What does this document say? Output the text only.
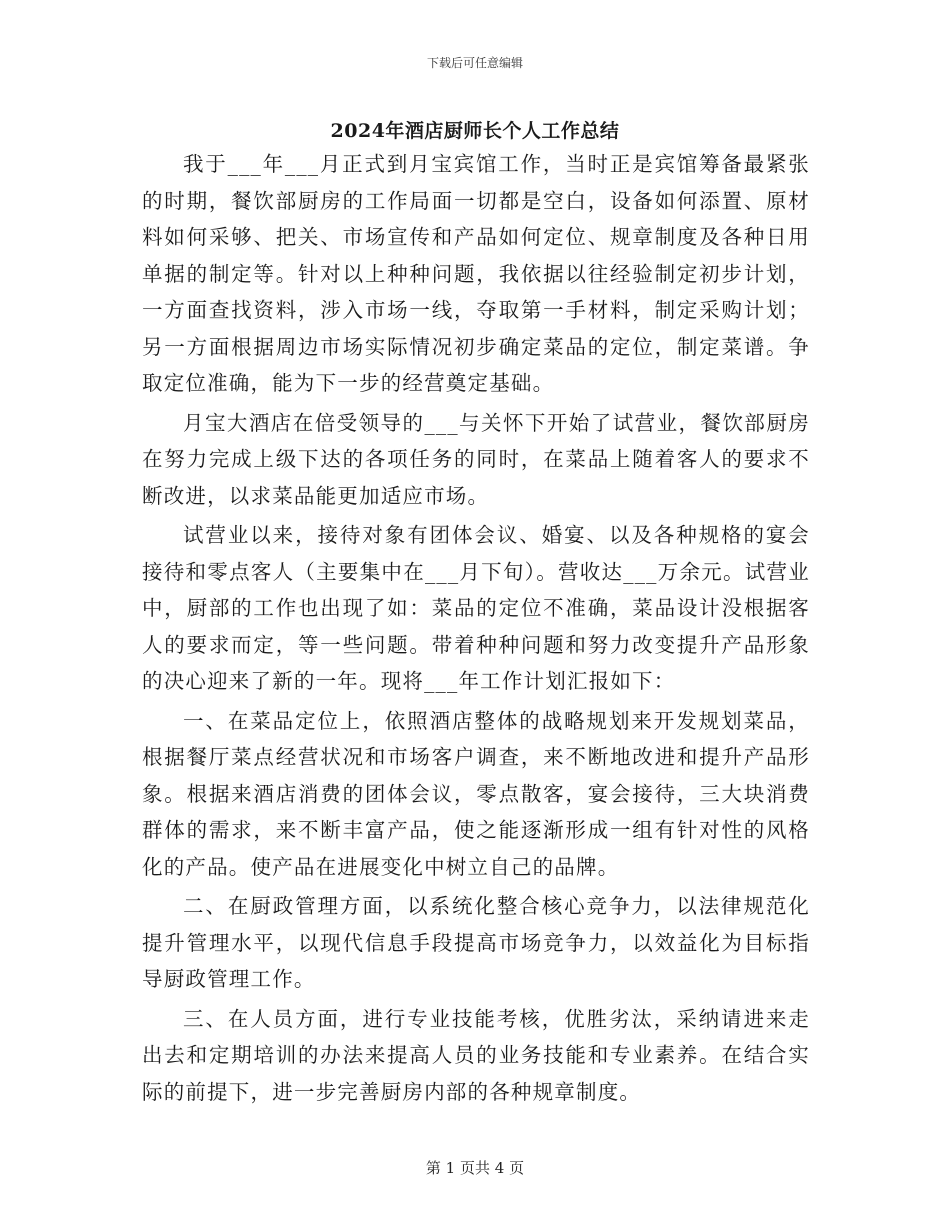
下载后可任意编辑
2024年酒店厨师长个人工作总结

我于___年___月正式到月宝宾馆工作，当时正是宾馆筹备最紧张的时期，餐饮部厨房的工作局面一切都是空白，设备如何添置、原材料如何采够、把关、市场宣传和产品如何定位、规章制度及各种日用单据的制定等。针对以上种种问题，我依据以往经验制定初步计划，一方面查找资料，涉入市场一线，夺取第一手材料，制定采购计划；另一方面根据周边市场实际情况初步确定菜品的定位，制定菜谱。争取定位准确，能为下一步的经营奠定基础。

月宝大酒店在倍受领导的___与关怀下开始了试营业，餐饮部厨房在努力完成上级下达的各项任务的同时，在菜品上随着客人的要求不断改进，以求菜品能更加适应市场。

试营业以来，接待对象有团体会议、婚宴、以及各种规格的宴会接待和零点客人（主要集中在___月下旬）。营收达___万余元。试营业中，厨部的工作也出现了如：菜品的定位不准确，菜品设计没根据客人的要求而定，等一些问题。带着种种问题和努力改变提升产品形象的决心迎来了新的一年。现将___年工作计划汇报如下：

一、在菜品定位上，依照酒店整体的战略规划来开发规划菜品，根据餐厅菜点经营状况和市场客户调查，来不断地改进和提升产品形象。根据来酒店消费的团体会议，零点散客，宴会接待，三大块消费群体的需求，来不断丰富产品，使之能逐渐形成一组有针对性的风格化的产品。使产品在进展变化中树立自己的品牌。

二、在厨政管理方面，以系统化整合核心竞争力，以法律规范化提升管理水平，以现代信息手段提高市场竞争力，以效益化为目标指导厨政管理工作。

三、在人员方面，进行专业技能考核，优胜劣汰，采纳请进来走出去和定期培训的办法来提高人员的业务技能和专业素养。在结合实际的前提下，进一步完善厨房内部的各种规章制度。

第 1 页共 4 页
